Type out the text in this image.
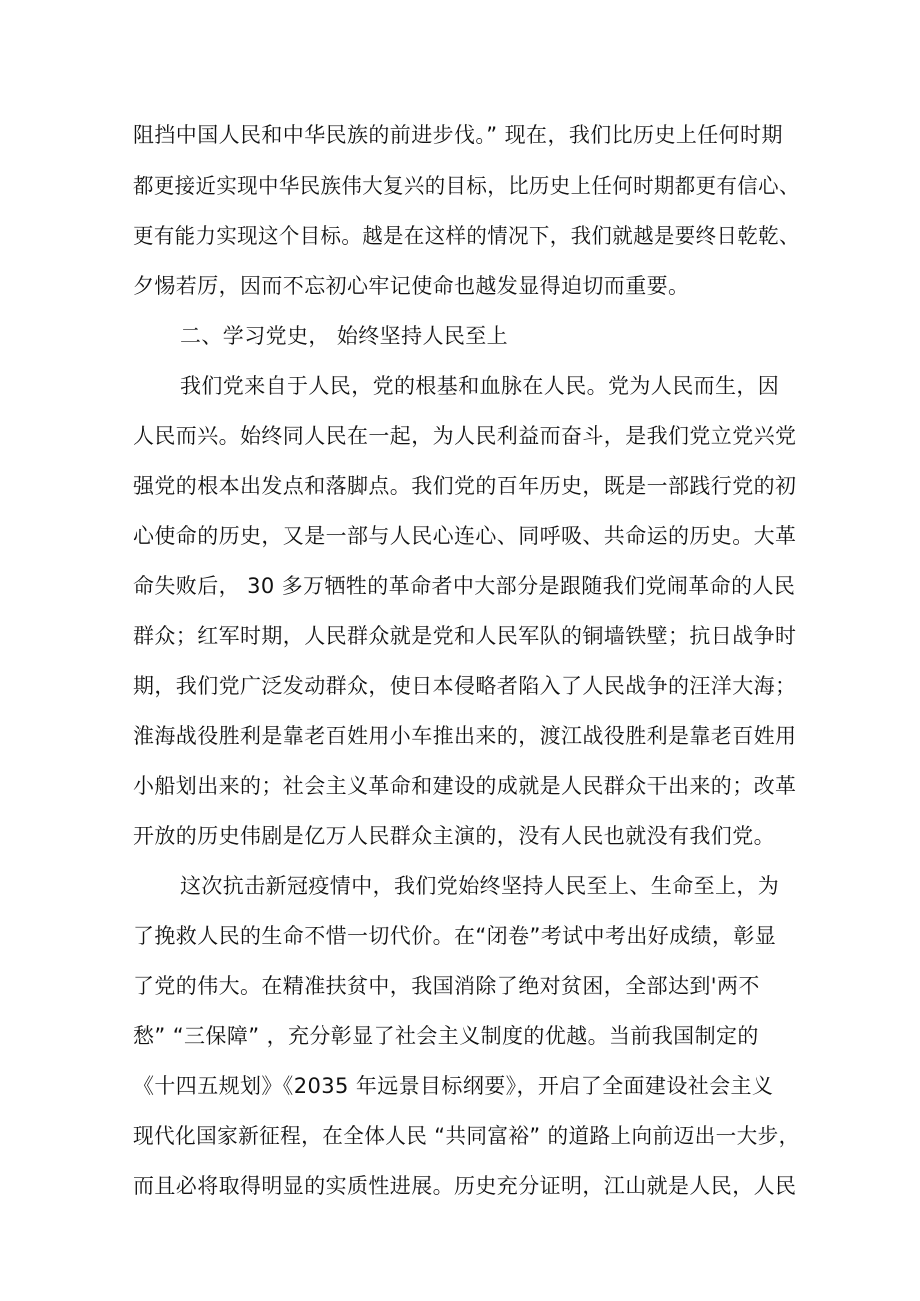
阻挡中国人民和中华民族的前进步伐。” 现在，我们比历史上任何时期
都更接近实现中华民族伟大复兴的目标，比历史上任何时期都更有信心、
更有能力实现这个目标。越是在这样的情况下，我们就越是要终日乾乾、
夕惕若厉，因而不忘初心牢记使命也越发显得迫切而重要。
二、学习党史， 始终坚持人民至上
我们党来自于人民，党的根基和血脉在人民。党为人民而生，因
人民而兴。始终同人民在一起，为人民利益而奋斗，是我们党立党兴党
强党的根本出发点和落脚点。我们党的百年历史，既是一部践行党的初
心使命的历史，又是一部与人民心连心、同呼吸、共命运的历史。大革
命失败后， 30 多万牺牲的革命者中大部分是跟随我们党闹革命的人民
群众；红军时期，人民群众就是党和人民军队的铜墙铁壁；抗日战争时
期，我们党广泛发动群众，使日本侵略者陷入了人民战争的汪洋大海；
淮海战役胜利是靠老百姓用小车推出来的，渡江战役胜利是靠老百姓用
小船划出来的；社会主义革命和建设的成就是人民群众干出来的；改革
开放的历史伟剧是亿万人民群众主演的，没有人民也就没有我们党。
这次抗击新冠疫情中，我们党始终坚持人民至上、生命至上，为
了挽救人民的生命不惜一切代价。在“闭卷”考试中考出好成绩，彰显
了党的伟大。在精准扶贫中，我国消除了绝对贫困，全部达到'两不
愁” “三保障” ，充分彰显了社会主义制度的优越。当前我国制定的
《十四五规划》《2035 年远景目标纲要》，开启了全面建设社会主义
现代化国家新征程，在全体人民 “共同富裕” 的道路上向前迈出一大步，
而且必将取得明显的实质性进展。历史充分证明，江山就是人民，人民
